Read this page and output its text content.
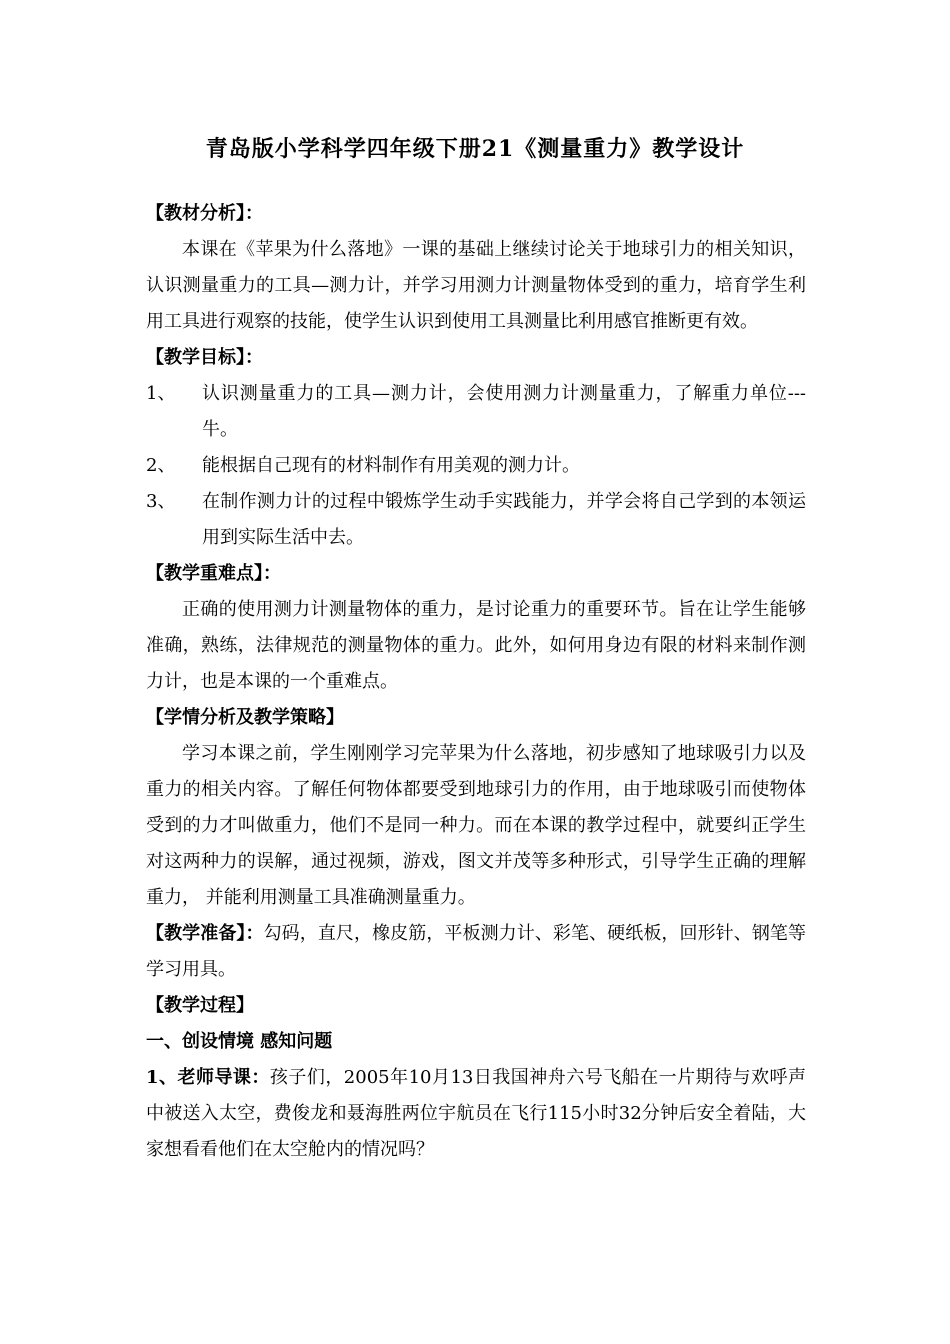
青岛版小学科学四年级下册21《测量重力》教学设计
【教材分析】：
本课在《苹果为什么落地》一课的基础上继续讨论关于地球引力的相关知识，认识测量重力的工具—测力计，并学习用测力计测量物体受到的重力，培育学生利用工具进行观察的技能，使学生认识到使用工具测量比利用感官推断更有效。
【教学目标】：
1、	认识测量重力的工具—测力计，会使用测力计测量重力，了解重力单位---牛。
2、	能根据自己现有的材料制作有用美观的测力计。
3、	在制作测力计的过程中锻炼学生动手实践能力，并学会将自己学到的本领运用到实际生活中去。
【教学重难点】：
正确的使用测力计测量物体的重力，是讨论重力的重要环节。旨在让学生能够准确，熟练，法律规范的测量物体的重力。此外，如何用身边有限的材料来制作测力计，也是本课的一个重难点。
【学情分析及教学策略】
学习本课之前，学生刚刚学习完苹果为什么落地，初步感知了地球吸引力以及重力的相关内容。了解任何物体都要受到地球引力的作用，由于地球吸引而使物体受到的力才叫做重力，他们不是同一种力。而在本课的教学过程中，就要纠正学生对这两种力的误解，通过视频，游戏，图文并茂等多种形式，引导学生正确的理解重力， 并能利用测量工具准确测量重力。
【教学准备】：勾码，直尺，橡皮筋，平板测力计、彩笔、硬纸板，回形针、钢笔等学习用具。
【教学过程】
一、创设情境 感知问题
1、老师导课：孩子们，2005年10月13日我国神舟六号飞船在一片期待与欢呼声中被送入太空，费俊龙和聂海胜两位宇航员在飞行115小时32分钟后安全着陆，大家想看看他们在太空舱内的情况吗？
